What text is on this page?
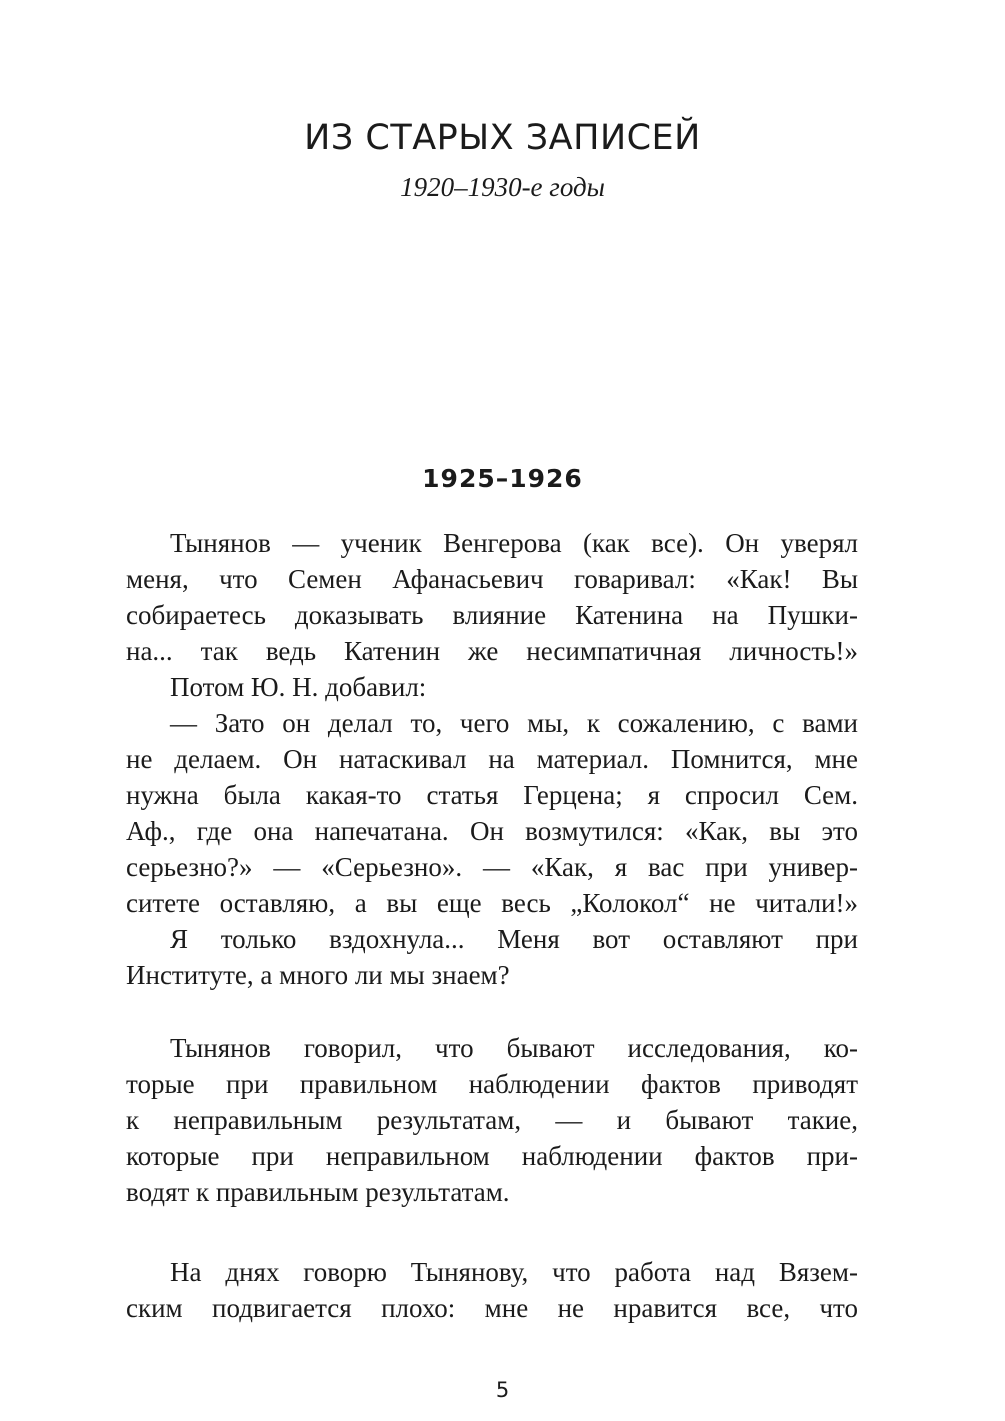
ИЗ СТАРЫХ ЗАПИСЕЙ
1920–1930-е годы
1925–1926
Тынянов — ученик Венгерова (как все). Он уверял
меня, что Семен Афанасьевич говаривал: «Как! Вы
собираетесь доказывать влияние Катенина на Пушки-
на... так ведь Катенин же несимпатичная личность!»
Потом Ю. Н. добавил:
— Зато он делал то, чего мы, к сожалению, с вами
не делаем. Он натаскивал на материал. Помнится, мне
нужна была какая-то статья Герцена; я спросил Сем.
Аф., где она напечатана. Он возмутился: «Как, вы это
серьезно?» — «Серьезно». — «Как, я вас при универ-
ситете оставляю, а вы еще весь „Колокол“ не читали!»
Я только вздохнула... Меня вот оставляют при
Институте, а много ли мы знаем?
Тынянов говорил, что бывают исследования, ко-
торые при правильном наблюдении фактов приводят
к неправильным результатам, — и бывают такие,
которые при неправильном наблюдении фактов при-
водят к правильным результатам.
На днях говорю Тынянову, что работа над Вязем-
ским подвигается плохо: мне не нравится все, что
5
